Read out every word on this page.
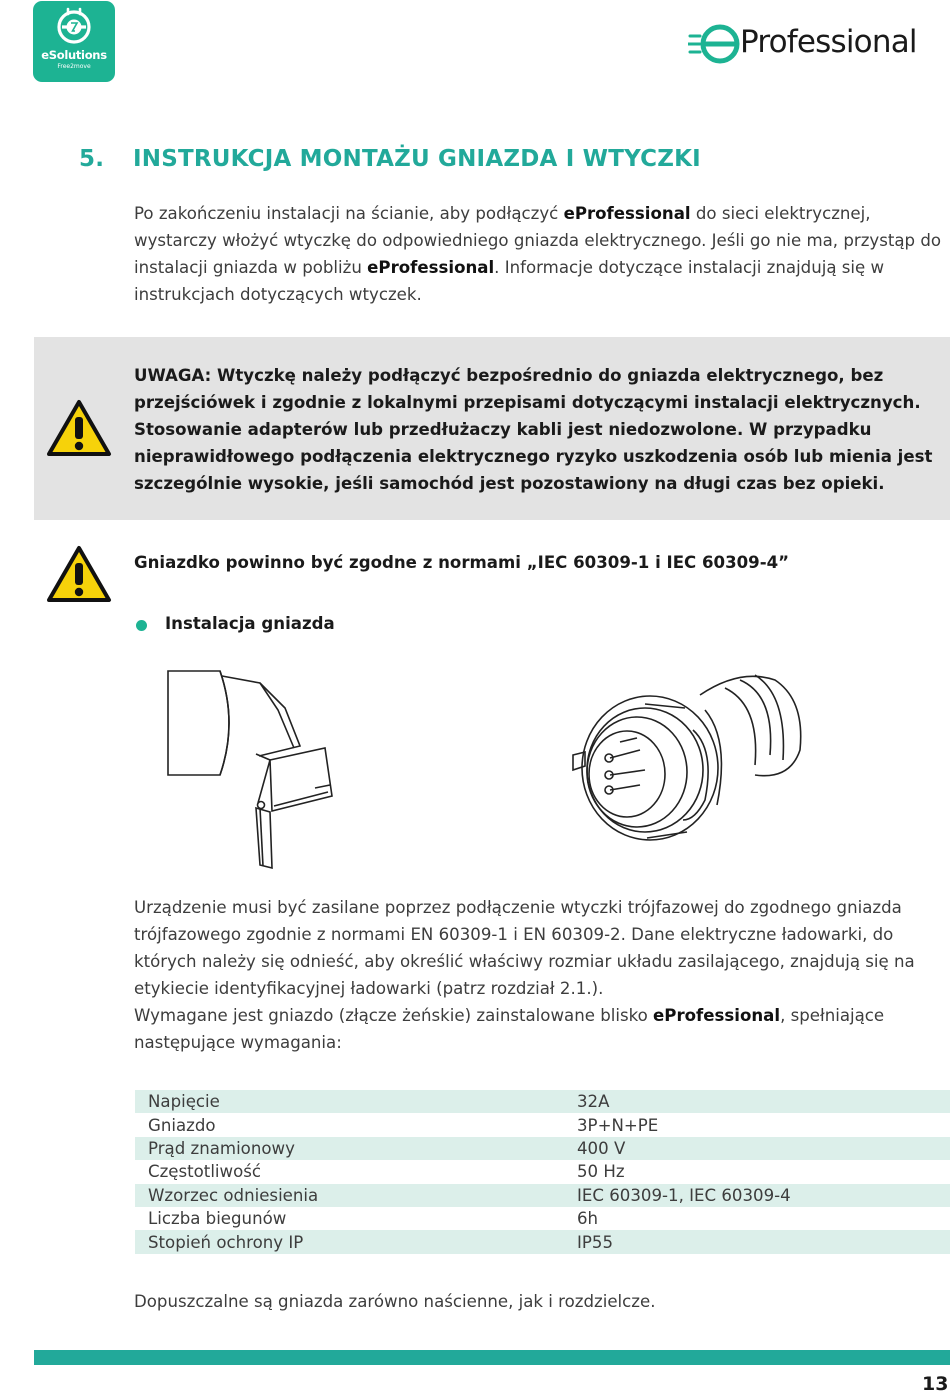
eSolutions
Free2move
Professional
5. INSTRUKCJA MONTAŻU GNIAZDA I WTYCZKI

Po zakończeniu instalacji na ścianie, aby podłączyć eProfessional do sieci elektrycznej, wystarczy włożyć wtyczkę do odpowiedniego gniazda elektrycznego. Jeśli go nie ma, przystąp do instalacji gniazda w pobliżu eProfessional. Informacje dotyczące instalacji znajdują się w instrukcjach dotyczących wtyczek.

UWAGA: Wtyczkę należy podłączyć bezpośrednio do gniazda elektrycznego, bez przejściówek i zgodnie z lokalnymi przepisami dotyczącymi instalacji elektrycznych. Stosowanie adapterów lub przedłużaczy kabli jest niedozwolone. W przypadku nieprawidłowego podłączenia elektrycznego ryzyko uszkodzenia osób lub mienia jest szczególnie wysokie, jeśli samochód jest pozostawiony na długi czas bez opieki.

Gniazdko powinno być zgodne z normami „IEC 60309-1 i IEC 60309-4”
Instalacja gniazda

Urządzenie musi być zasilane poprzez podłączenie wtyczki trójfazowej do zgodnego gniazda trójfazowego zgodnie z normami EN 60309-1 i EN 60309-2. Dane elektryczne ładowarki, do których należy się odnieść, aby określić właściwy rozmiar układu zasilającego, znajdują się na etykiecie identyfikacyjnej ładowarki (patrz rozdział 2.1.).

Wymagane jest gniazdo (złącze żeńskie) zainstalowane blisko eProfessional, spełniające następujące wymagania:

Napięcie	32A
Gniazdo	3P+N+PE
Prąd znamionowy	400 V
Częstotliwość	50 Hz
Wzorzec odniesienia	IEC 60309-1, IEC 60309-4
Liczba biegunów	6h
Stopień ochrony IP	IP55

Dopuszczalne są gniazda zarówno naścienne, jak i rozdzielcze.

13
